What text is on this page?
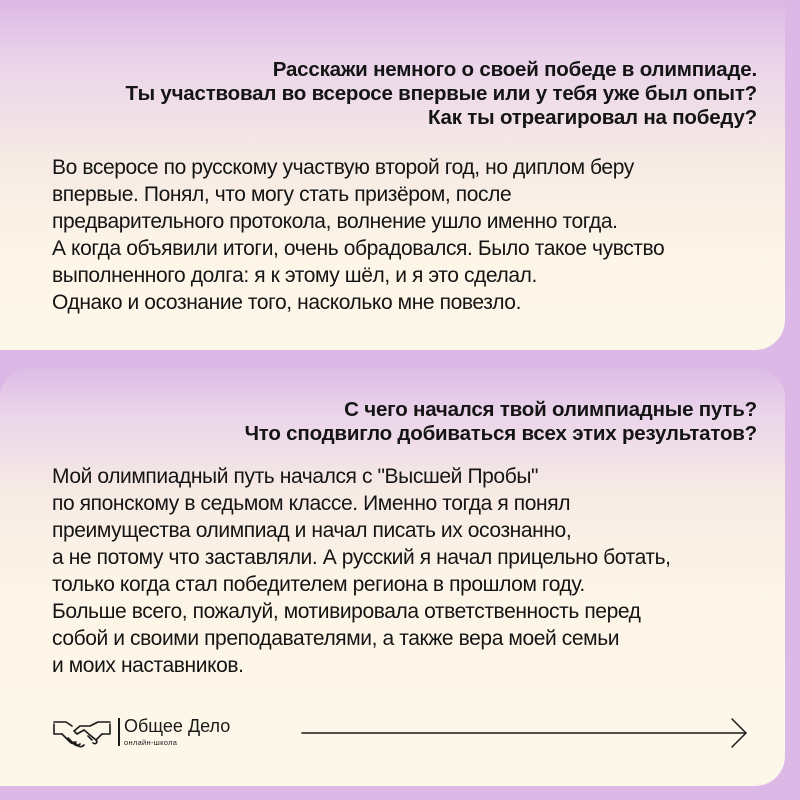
Расскажи немного о своей победе в олимпиаде.
Ты участвовал во всеросе впервые или у тебя уже был опыт?
Как ты отреагировал на победу?
Во всеросе по русскому участвую второй год, но диплом беру
впервые. Понял, что могу стать призёром, после
предварительного протокола, волнение ушло именно тогда.
А когда объявили итоги, очень обрадовался. Было такое чувство
выполненного долга: я к этому шёл, и я это сделал.
Однако и осознание того, насколько мне повезло.
С чего начался твой олимпиадные путь?
Что сподвигло добиваться всех этих результатов?
Мой олимпиадный путь начался с "Высшей Пробы"
по японскому в седьмом классе. Именно тогда я понял
преимущества олимпиад и начал писать их осознанно,
а не потому что заставляли. А русский я начал прицельно ботать,
только когда стал победителем региона в прошлом году.
Больше всего, пожалуй, мотивировала ответственность перед
собой и своими преподавателями, а также вера моей семьи
и моих наставников.
Общее Дело
онлайн-школа
